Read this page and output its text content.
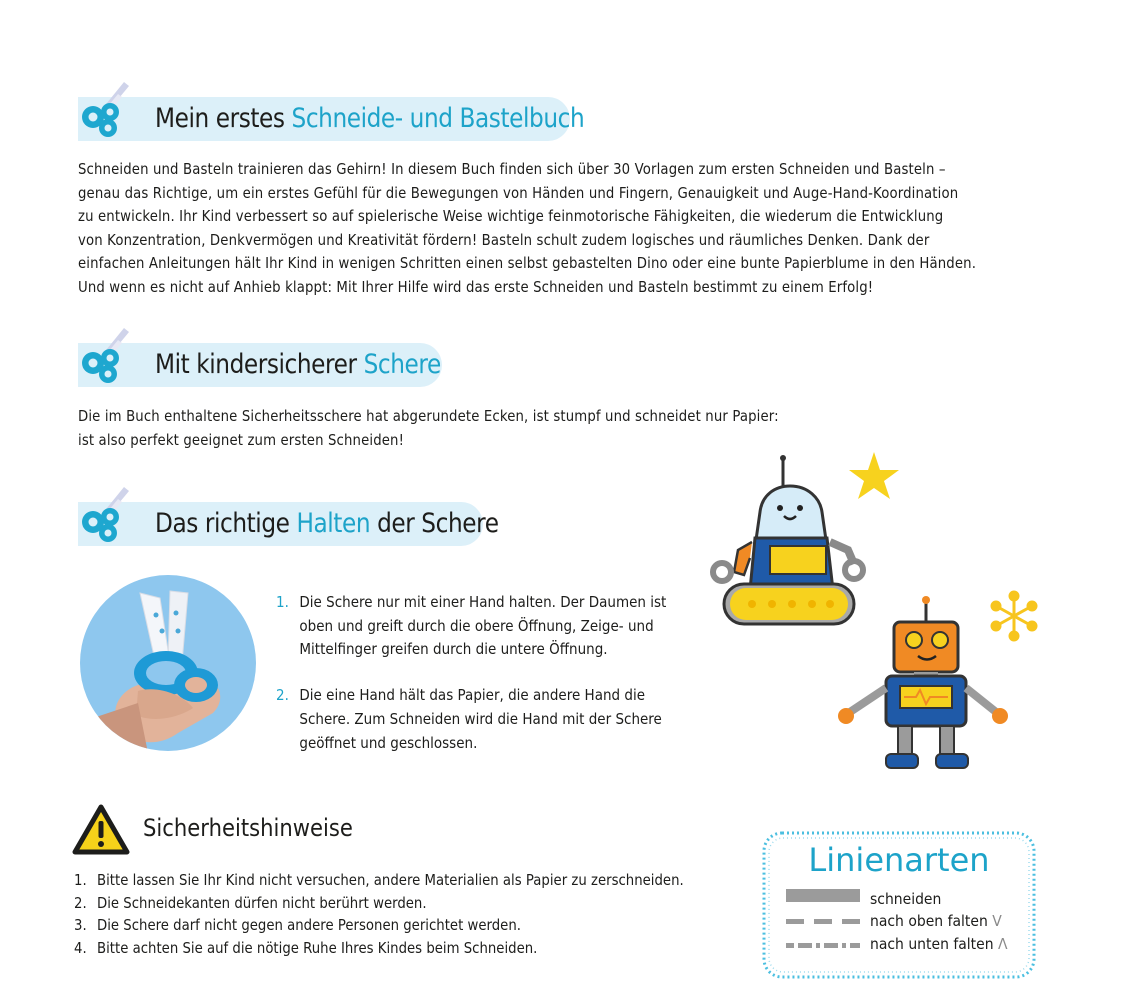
Mein erstes Schneide- und Bastelbuch
Schneiden und Basteln trainieren das Gehirn! In diesem Buch finden sich über 30 Vorlagen zum ersten Schneiden und Basteln –
genau das Richtige, um ein erstes Gefühl für die Bewegungen von Händen und Fingern, Genauigkeit und Auge-Hand-Koordination
zu entwickeln. Ihr Kind verbessert so auf spielerische Weise wichtige feinmotorische Fähigkeiten, die wiederum die Entwicklung
von Konzentration, Denkvermögen und Kreativität fördern! Basteln schult zudem logisches und räumliches Denken. Dank der
einfachen Anleitungen hält Ihr Kind in wenigen Schritten einen selbst gebastelten Dino oder eine bunte Papierblume in den Händen.
Und wenn es nicht auf Anhieb klappt: Mit Ihrer Hilfe wird das erste Schneiden und Basteln bestimmt zu einem Erfolg!
Mit kindersicherer Schere
Die im Buch enthaltene Sicherheitsschere hat abgerundete Ecken, ist stumpf und schneidet nur Papier:
ist also perfekt geeignet zum ersten Schneiden!
Das richtige Halten der Schere
1. Die Schere nur mit einer Hand halten. Der Daumen ist
oben und greift durch die obere Öffnung, Zeige- und
Mittelfinger greifen durch die untere Öffnung.
2. Die eine Hand hält das Papier, die andere Hand die
Schere. Zum Schneiden wird die Hand mit der Schere
geöffnet und geschlossen.
Sicherheitshinweise
1. Bitte lassen Sie Ihr Kind nicht versuchen, andere Materialien als Papier zu zerschneiden.
2. Die Schneidekanten dürfen nicht berührt werden.
3. Die Schere darf nicht gegen andere Personen gerichtet werden.
4. Bitte achten Sie auf die nötige Ruhe Ihres Kindes beim Schneiden.
Linienarten
schneiden
nach oben falten V
nach unten falten Λ
